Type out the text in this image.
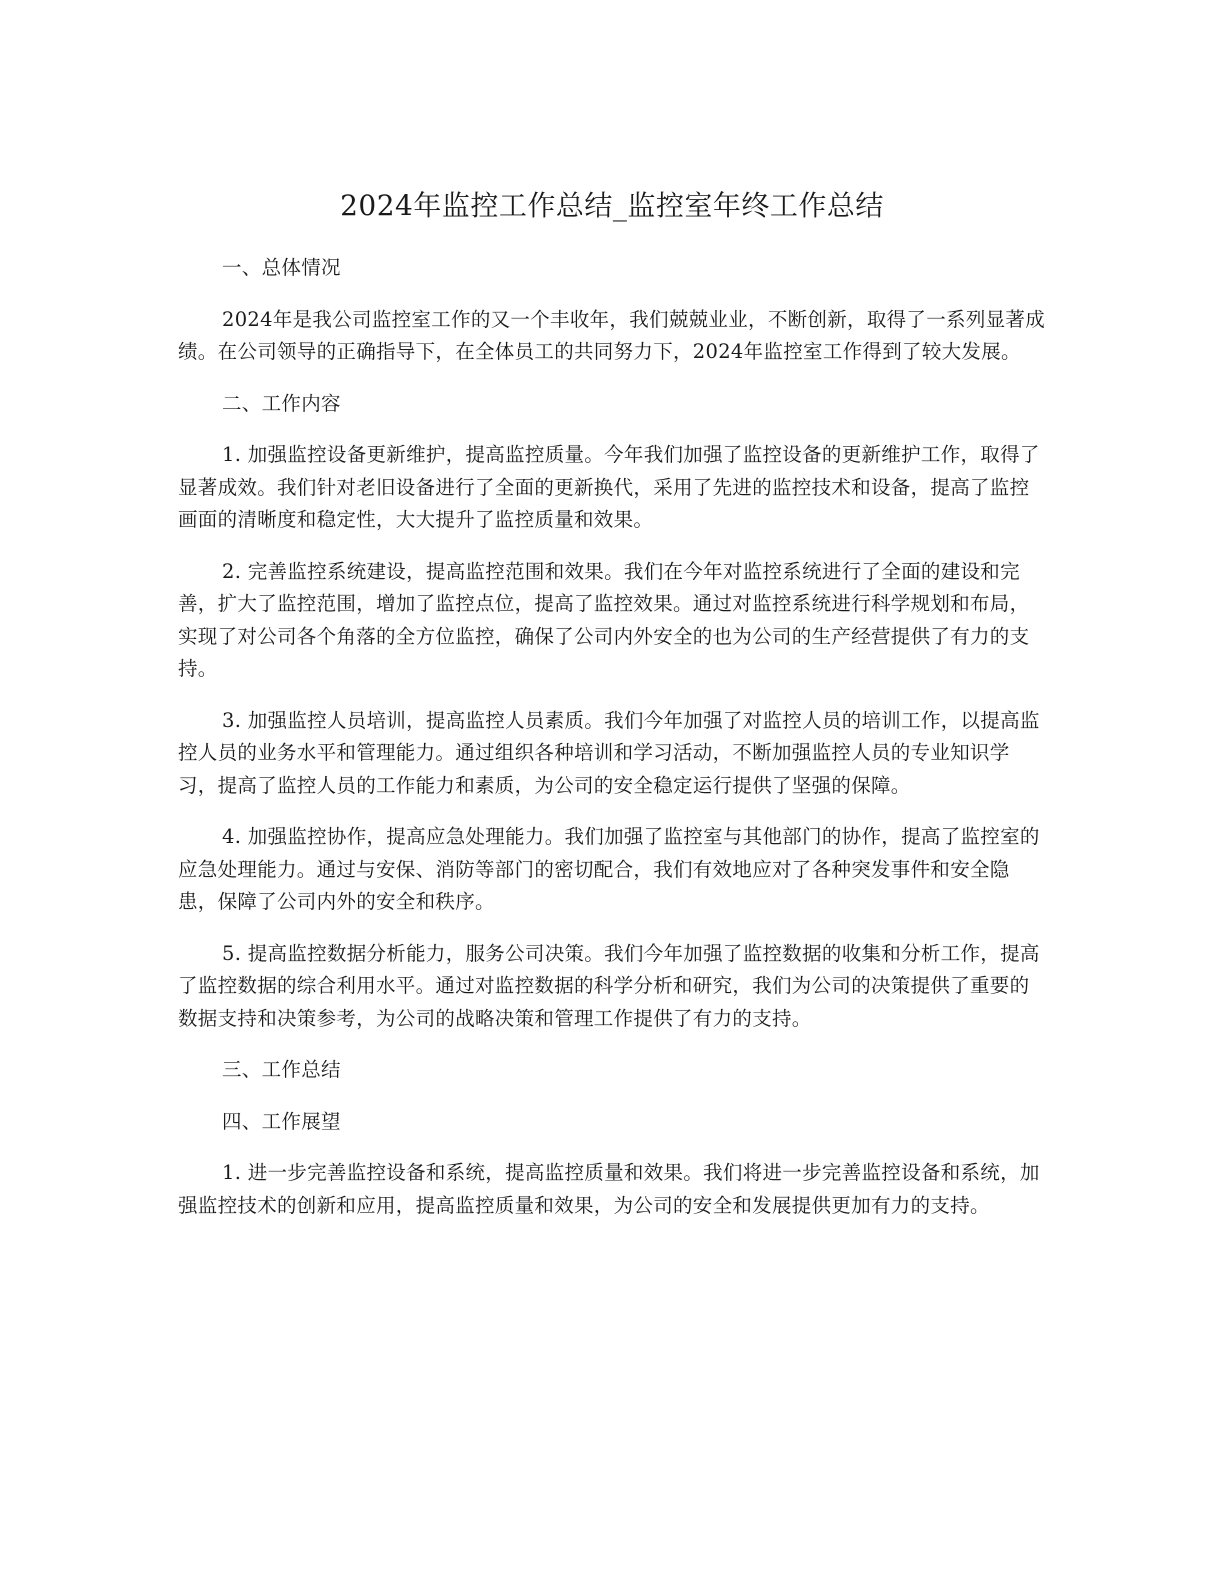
2024年监控工作总结_监控室年终工作总结

一、总体情况

2024年是我公司监控室工作的又一个丰收年，我们兢兢业业，不断创新，取得了一系列显著成绩。在公司领导的正确指导下，在全体员工的共同努力下，2024年监控室工作得到了较大发展。

二、工作内容

1. 加强监控设备更新维护，提高监控质量。今年我们加强了监控设备的更新维护工作，取得了显著成效。我们针对老旧设备进行了全面的更新换代，采用了先进的监控技术和设备，提高了监控画面的清晰度和稳定性，大大提升了监控质量和效果。

2. 完善监控系统建设，提高监控范围和效果。我们在今年对监控系统进行了全面的建设和完善，扩大了监控范围，增加了监控点位，提高了监控效果。通过对监控系统进行科学规划和布局，实现了对公司各个角落的全方位监控，确保了公司内外安全的也为公司的生产经营提供了有力的支持。

3. 加强监控人员培训，提高监控人员素质。我们今年加强了对监控人员的培训工作，以提高监控人员的业务水平和管理能力。通过组织各种培训和学习活动，不断加强监控人员的专业知识学习，提高了监控人员的工作能力和素质，为公司的安全稳定运行提供了坚强的保障。

4. 加强监控协作，提高应急处理能力。我们加强了监控室与其他部门的协作，提高了监控室的应急处理能力。通过与安保、消防等部门的密切配合，我们有效地应对了各种突发事件和安全隐患，保障了公司内外的安全和秩序。

5. 提高监控数据分析能力，服务公司决策。我们今年加强了监控数据的收集和分析工作，提高了监控数据的综合利用水平。通过对监控数据的科学分析和研究，我们为公司的决策提供了重要的数据支持和决策参考，为公司的战略决策和管理工作提供了有力的支持。

三、工作总结

四、工作展望

1. 进一步完善监控设备和系统，提高监控质量和效果。我们将进一步完善监控设备和系统，加强监控技术的创新和应用，提高监控质量和效果，为公司的安全和发展提供更加有力的支持。
